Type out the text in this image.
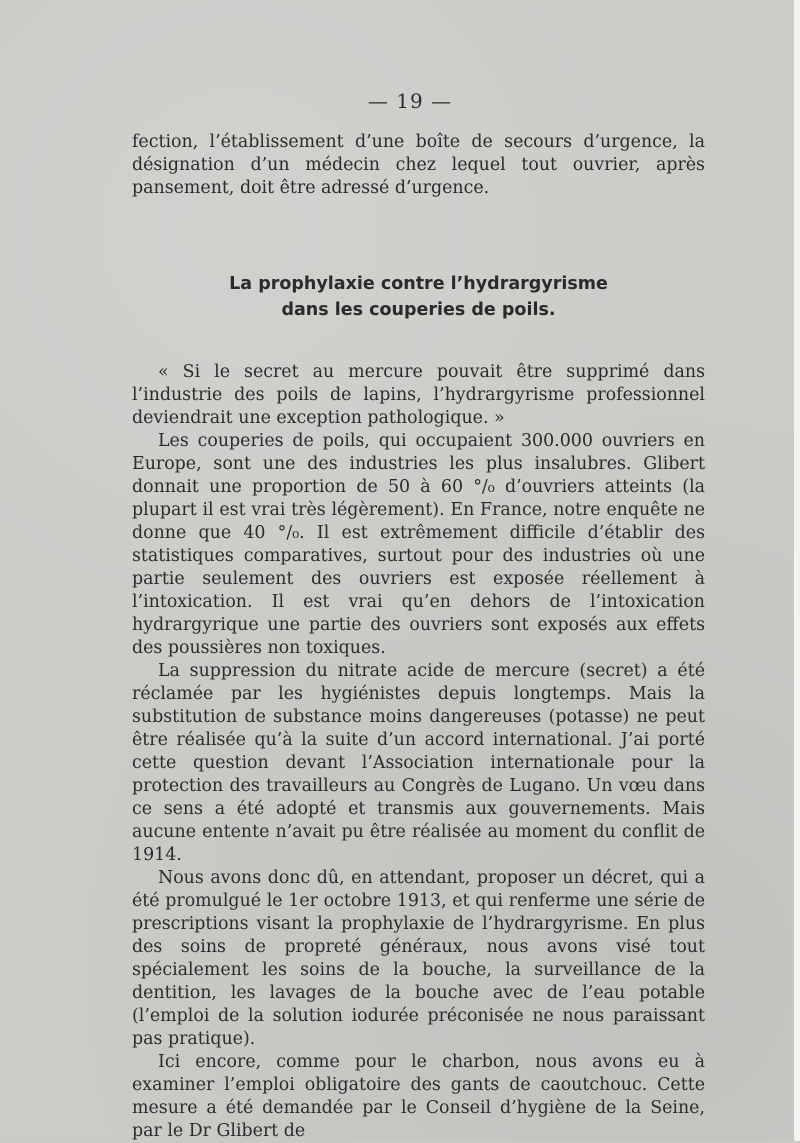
— 19 —

fection, l’établissement d’une boîte de secours d’urgence, la désignation d’un médecin chez lequel tout ouvrier, après pansement, doit être adressé d’urgence.

La prophylaxie contre l’hydrargyrisme
dans les couperies de poils.

« Si le secret au mercure pouvait être supprimé dans l’industrie des poils de lapins, l’hydrargyrisme professionnel deviendrait une exception pathologique. »

Les couperies de poils, qui occupaient 300.000 ouvriers en Europe, sont une des industries les plus insalubres. Glibert donnait une proportion de 50 à 60 °/₀ d’ouvriers atteints (la plupart il est vrai très légèrement). En France, notre enquête ne donne que 40 °/₀. Il est extrêmement difficile d’établir des statistiques comparatives, surtout pour des industries où une partie seulement des ouvriers est exposée réellement à l’intoxication. Il est vrai qu’en dehors de l’intoxication hydrargyrique une partie des ouvriers sont exposés aux effets des poussières non toxiques.

La suppression du nitrate acide de mercure (secret) a été réclamée par les hygiénistes depuis longtemps. Mais la substitution de substance moins dangereuses (potasse) ne peut être réalisée qu’à la suite d’un accord international. J’ai porté cette question devant l’Association internationale pour la protection des travailleurs au Congrès de Lugano. Un vœu dans ce sens a été adopté et transmis aux gouvernements. Mais aucune entente n’avait pu être réalisée au moment du conflit de 1914.

Nous avons donc dû, en attendant, proposer un décret, qui a été promulgué le 1er octobre 1913, et qui renferme une série de prescriptions visant la prophylaxie de l’hydrargyrisme. En plus des soins de propreté généraux, nous avons visé tout spécialement les soins de la bouche, la surveillance de la dentition, les lavages de la bouche avec de l’eau potable (l’emploi de la solution iodurée préconisée ne nous paraissant pas pratique).

Ici encore, comme pour le charbon, nous avons eu à examiner l’emploi obligatoire des gants de caoutchouc. Cette mesure a été demandée par le Conseil d’hygiène de la Seine, par le Dr Glibert de
